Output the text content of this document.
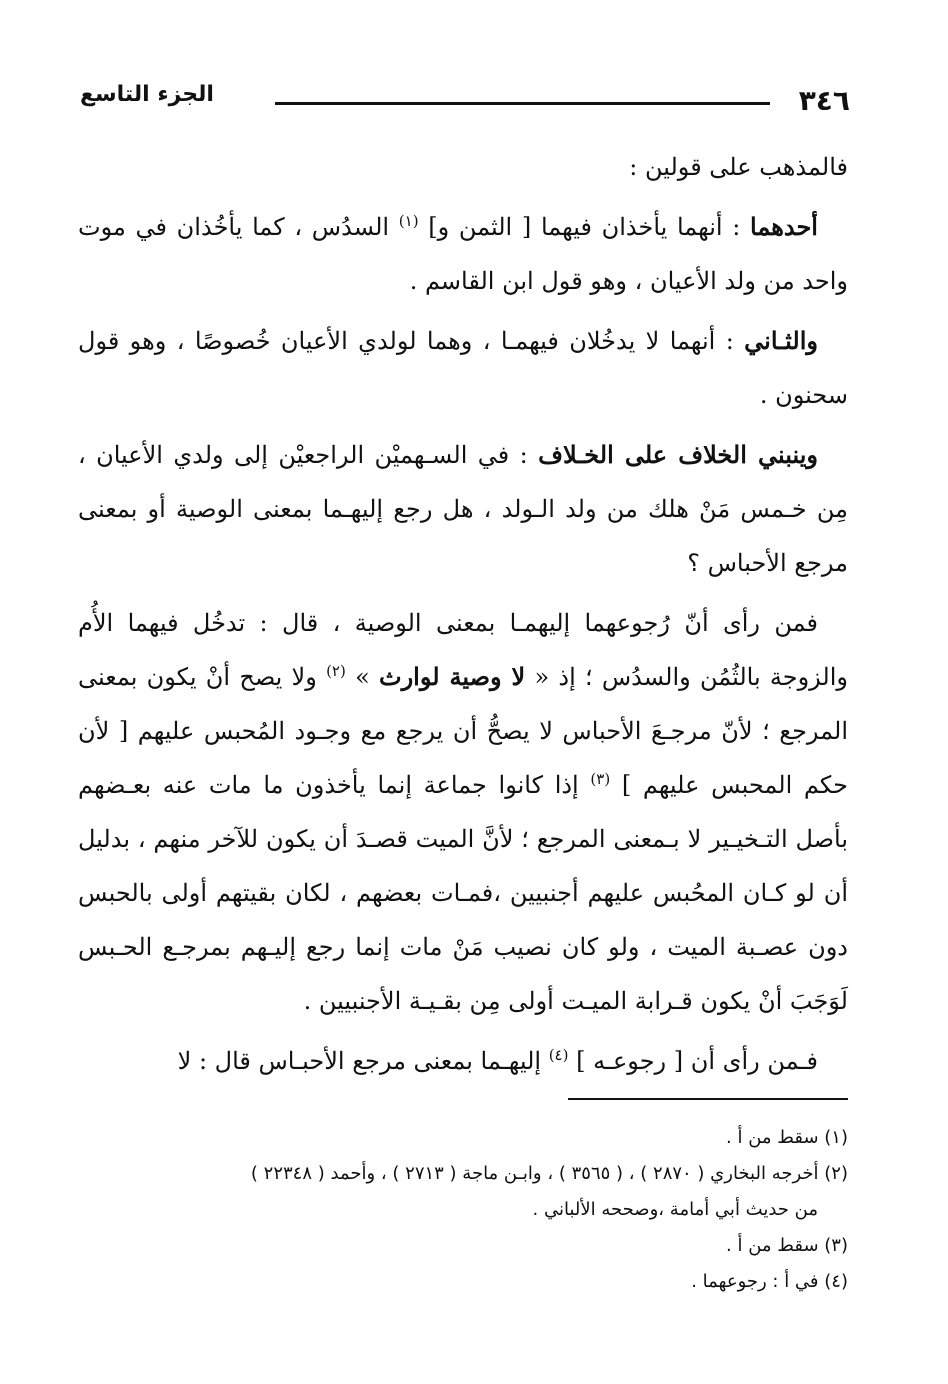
٣٤٦
الجزء التاسع

فالمذهب على قولين :

أحدهما : أنهما يأخذان فيهما [ الثمن و] $^{(١)}$ السدُس ، كما يأخُذان في موت واحد من ولد الأعيان ، وهو قول ابن القاسم .

والثـاني : أنهما لا يدخُلان فيهمـا ، وهما لولدي الأعيان خُصوصًا ، وهو قول سحنون .

وينبني الخلاف على الخـلاف : في السـهميْن الراجعيْن إلى ولدي الأعيان ، مِن خـمس مَنْ هلك من ولد الـولد ، هل رجع إليهـما بمعنى الوصية أو بمعنى مرجع الأحباس ؟

فمن رأى أنّ رُجوعهما إليهمـا بمعنى الوصية ، قال : تدخُل فيهما الأُم والزوجة بالثُمُن والسدُس ؛ إذ « لا وصية لوارث » $^{(٢)}$ ولا يصح أنْ يكون بمعنى المرجع ؛ لأنّ مرجـعَ الأحباس لا يصحُّ أن يرجع مع وجـود المُحبس عليهم [ لأن حكم المحبس عليهم ] $^{(٣)}$ إذا كانوا جماعة إنما يأخذون ما مات عنه بعـضهم بأصل التـخيـير لا بـمعنى المرجع ؛ لأنَّ الميت قصـدَ أن يكون للآخر منهم ، بدليل أن لو كـان المحُبس عليهم أجنبيين ،فمـات بعضهم ، لكان بقيتهم أولى بالحبس دون عصـبة الميت ، ولو كان نصيب مَنْ مات إنما رجع إليـهم بمرجـع الحـبس لَوَجَبَ أنْ يكون قـرابة الميـت أولى مِن بقـيـة الأجنبيين .

فـمن رأى أن [ رجوعـه ] $^{(٤)}$ إليهـما بمعنى مرجع الأحبـاس قال : لا

(١) سقط من أ .
(٢) أخرجه البخاري ( ٢٨٧٠ ) ، ( ٣٥٦٥ ) ، وابـن ماجة ( ٢٧١٣ ) ، وأحمد ( ٢٢٣٤٨ )
من حديث أبي أمامة ،وصححه الألباني .
(٣) سقط من أ .
(٤) في أ : رجوعهما .
